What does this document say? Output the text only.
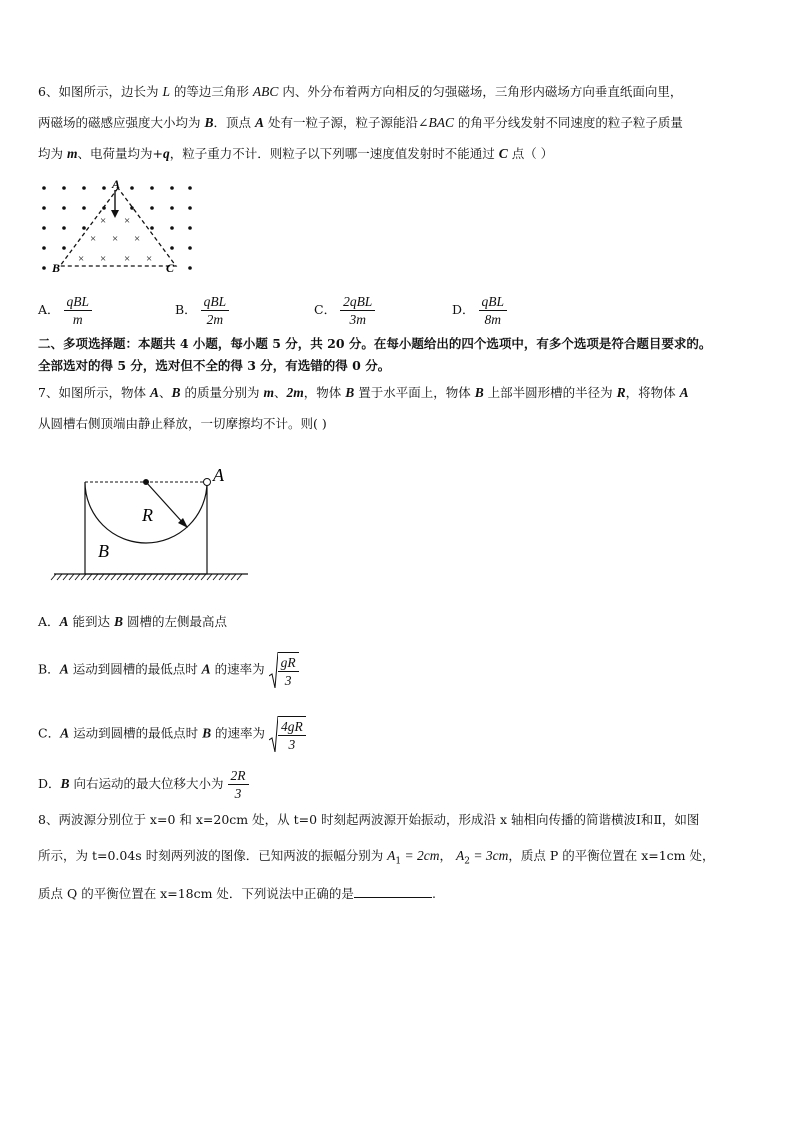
6、如图所示，边长为 L 的等边三角形 ABC 内、外分布着两方向相反的匀强磁场，三角形内磁场方向垂直纸面向里，
两磁场的磁感应强度大小均为 B．顶点 A 处有一粒子源，粒子源能沿∠BAC 的角平分线发射不同速度的粒子粒子质量
均为 m、电荷量均为+q，粒子重力不计．则粒子以下列哪一速度值发射时不能通过 C 点（ ）
× ×
× × ×
× × × ×
A
B	C
A． $\frac{\text{qBL}}{m}$	B． $\frac{\text{qBL}}{2m}$	C． $\frac{\text{2qBL}}{3m}$	D． $\frac{\text{qBL}}{8m}$
二、多项选择题：本题共 4 小题，每小题 5 分，共 20 分。在每小题给出的四个选项中，有多个选项是符合题目要求的。
全部选对的得 5 分，选对但不全的得 3 分，有选错的得 0 分。
7、如图所示，物体 A、B 的质量分别为 m、2m，物体 B 置于水平面上，物体 B 上部半圆形槽的半径为 R，将物体 A
从圆槽右侧顶端由静止释放，一切摩擦均不计。则( )
A
R
B
A．A 能到达 B 圆槽的左侧最高点
B．A 运动到圆槽的最低点时 A 的速率为 $\frac{gR}{3}$
C．A 运动到圆槽的最低点时 B 的速率为 $\frac{4gR}{3}$
D．B 向右运动的最大位移大小为 $\frac{2R}{3}$
8、两波源分别位于 x=0 和 x=20cm 处，从 t=0 时刻起两波源开始振动，形成沿 x 轴相向传播的简谐横波Ⅰ和Ⅱ，如图
所示，为 t=0.04s 时刻两列波的图像．已知两波的振幅分别为 $A_1 = 2cm$， $A_2 = 3cm$，质点 P 的平衡位置在 x=1cm 处，
质点 Q 的平衡位置在 x=18cm 处．下列说法中正确的是	.
